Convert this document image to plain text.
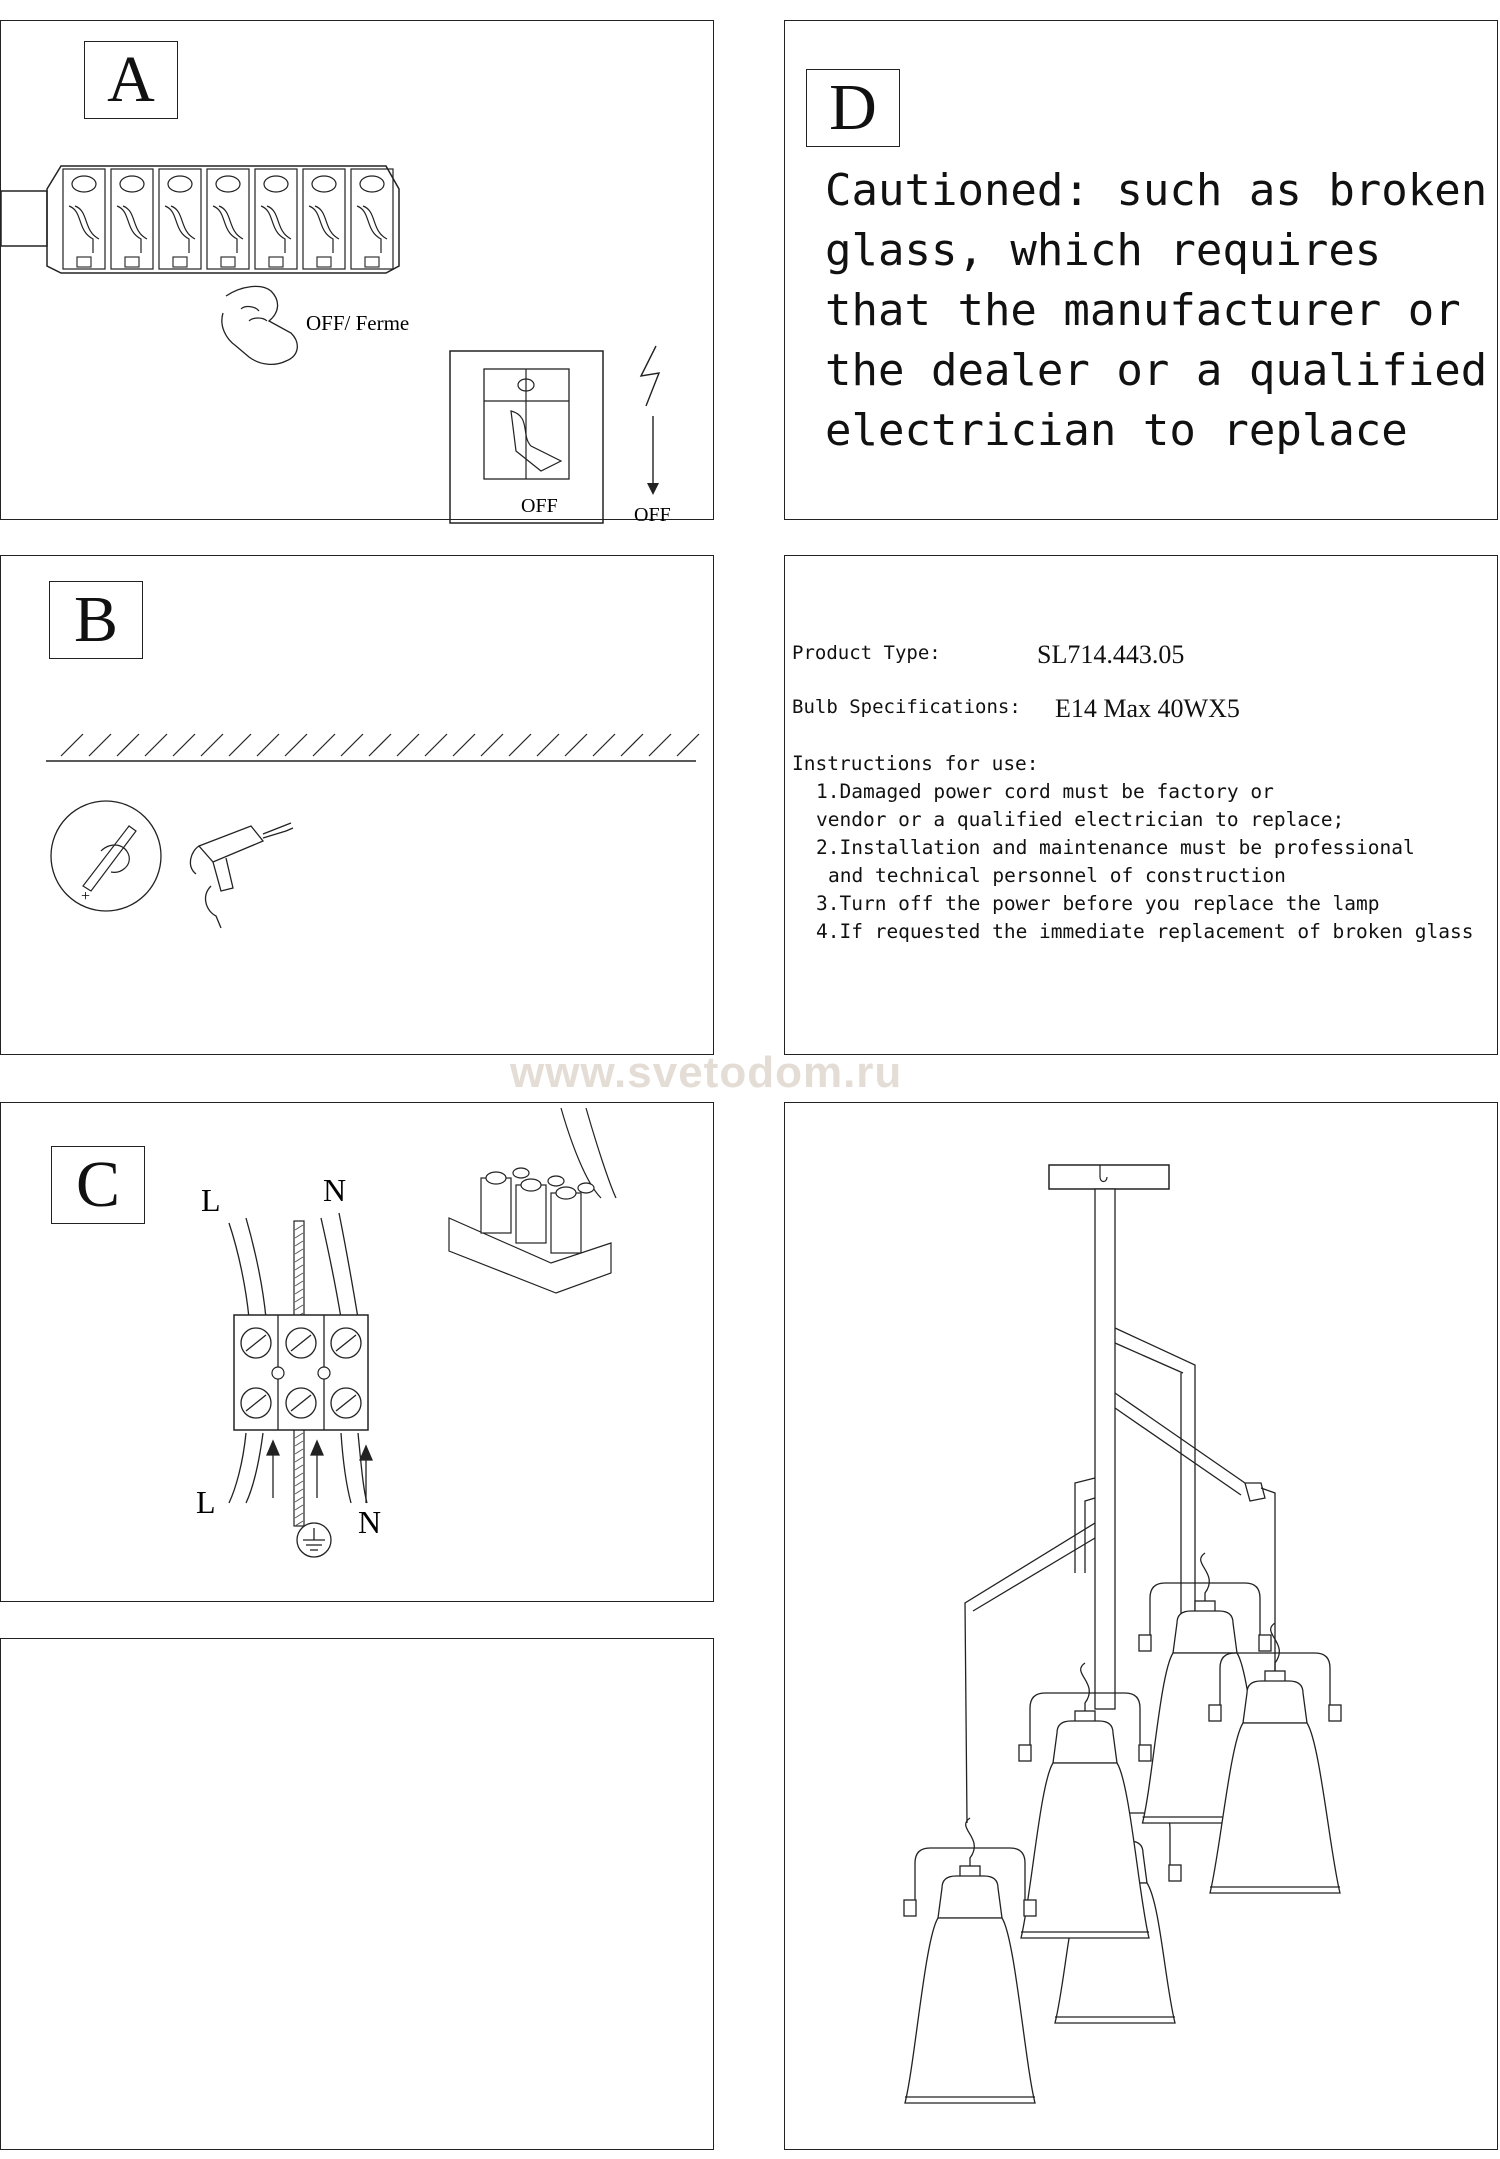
A
OFF/ Ferme
OFF	OFF
D
Cautioned: such as broken
glass, which requires
that the manufacturer or
the dealer or a qualified
electrician to replace
B
+
Product Type:	SL714.443.05
Bulb Specifications: E14 Max 40WX5
Instructions for use:
1.Damaged power cord must be factory or
vendor or a qualified electrician to replace;
2.Installation and maintenance must be professional
and technical personnel of construction
3.Turn off the power before you replace the lamp
4.If requested the immediate replacement of broken glass
www.svetodom.ru
C	L	N
L
N
